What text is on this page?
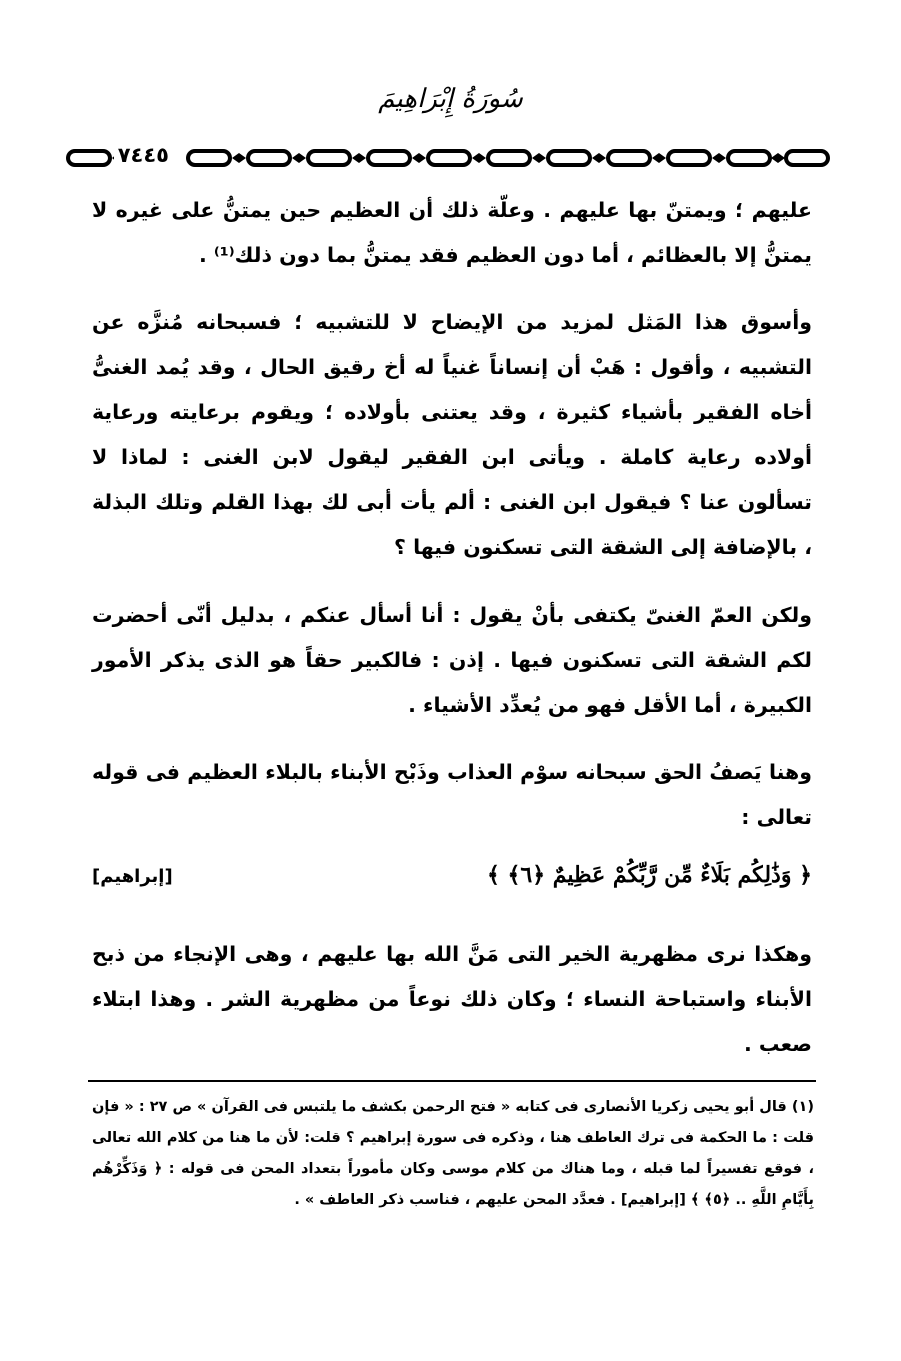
سُورَةُ إِبْرَاهِيمَ
٧٤٤٥

عليهم ؛ ويمتنّ بها عليهم . وعلّة ذلك أن العظيم حين يمتنُّ على غيره لا يمتنُّ إلا بالعظائم ، أما دون العظيم فقد يمتنُّ بما دون ذلك⁽¹⁾ .

وأسوق هذا المَثل لمزيد من الإيضاح لا للتشبيه ؛ فسبحانه مُنزَّه عن التشبيه ، وأقول : هَبْ أن إنساناً غنياً له أخ رقيق الحال ، وقد يُمد الغنىُّ أخاه الفقير بأشياء كثيرة ، وقد يعتنى بأولاده ؛ ويقوم برعايته ورعاية أولاده رعاية كاملة . ويأتى ابن الفقير ليقول لابن الغنى : لماذا لا تسألون عنا ؟ فيقول ابن الغنى : ألم يأت أبى لك بهذا القلم وتلك البذلة ، بالإضافة إلى الشقة التى تسكنون فيها ؟

ولكن العمّ الغنىّ يكتفى بأنْ يقول : أنا أسأل عنكم ، بدليل أنّى أحضرت لكم الشقة التى تسكنون فيها . إذن : فالكبير حقاً هو الذى يذكر الأمور الكبيرة ، أما الأقل فهو من يُعدِّد الأشياء .

وهنا يَصفُ الحق سبحانه سوْم العذاب وذَبْح الأبناء بالبلاء العظيم فى قوله تعالى :

﴿ وَذَٰلِكُم بَلَاءٌ مِّن رَّبِّكُمْ عَظِيمٌ ﴿٦﴾ ﴾
[إبراهيم]

وهكذا نرى مظهرية الخير التى مَنَّ الله بها عليهم ، وهى الإنجاء من ذبح الأبناء واستباحة النساء ؛ وكان ذلك نوعاً من مظهرية الشر . وهذا ابتلاء صعب .

(١) قال أبو يحيى زكريا الأنصارى فى كتابه « فتح الرحمن بكشف ما يلتبس فى القرآن » ص ٢٧ : « فإن قلت : ما الحكمة فى ترك العاطف هنا ، وذكره فى سورة إبراهيم ؟ قلت: لأن ما هنا من كلام الله تعالى ، فوقع تفسيراً لما قبله ، وما هناك من كلام موسى وكان مأموراً بتعداد المحن فى قوله : ﴿ وَذَكِّرْهُم بِأَيَّامِ اللَّهِ .. ﴿٥﴾ ﴾ [إبراهيم] . فعدَّد المحن عليهم ، فناسب ذكر العاطف » .
